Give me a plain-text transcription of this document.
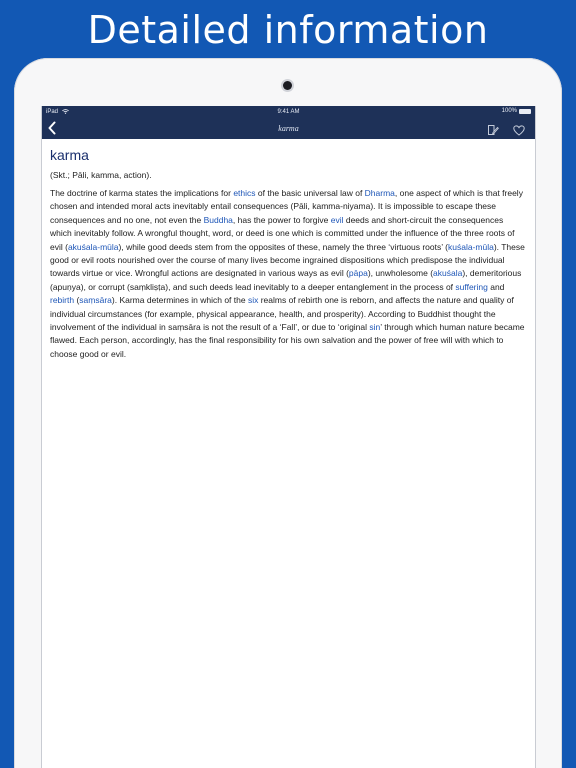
Detailed information
iPad	9:41 AM	100%
karma
karma
(Skt.; Pāli, kamma, action).
The doctrine of karma states the implications for ethics of the basic universal law of Dharma, one aspect of which is that freely chosen and intended moral acts inevitably entail consequences (Pāli, kamma-niyama). It is impossible to escape these consequences and no one, not even the Buddha, has the power to forgive evil deeds and short-circuit the consequences which inevitably follow. A wrongful thought, word, or deed is one which is committed under the influence of the three roots of evil (akuśala-mūla), while good deeds stem from the opposites of these, namely the three ‘virtuous roots’ (kuśala-mūla). These good or evil roots nourished over the course of many lives become ingrained dispositions which predispose the individual towards virtue or vice. Wrongful actions are designated in various ways as evil (pāpa), unwholesome (akuśala), demeritorious (apuṇya), or corrupt (saṃkliṣṭa), and such deeds lead inevitably to a deeper entanglement in the process of suffering and rebirth (saṃsāra). Karma determines in which of the six realms of rebirth one is reborn, and affects the nature and quality of individual circumstances (for example, physical appearance, health, and prosperity). According to Buddhist thought the involvement of the individual in saṃsāra is not the result of a ‘Fall’, or due to ‘original sin’ through which human nature became flawed. Each person, accordingly, has the final responsibility for his own salvation and the power of free will with which to choose good or evil.
